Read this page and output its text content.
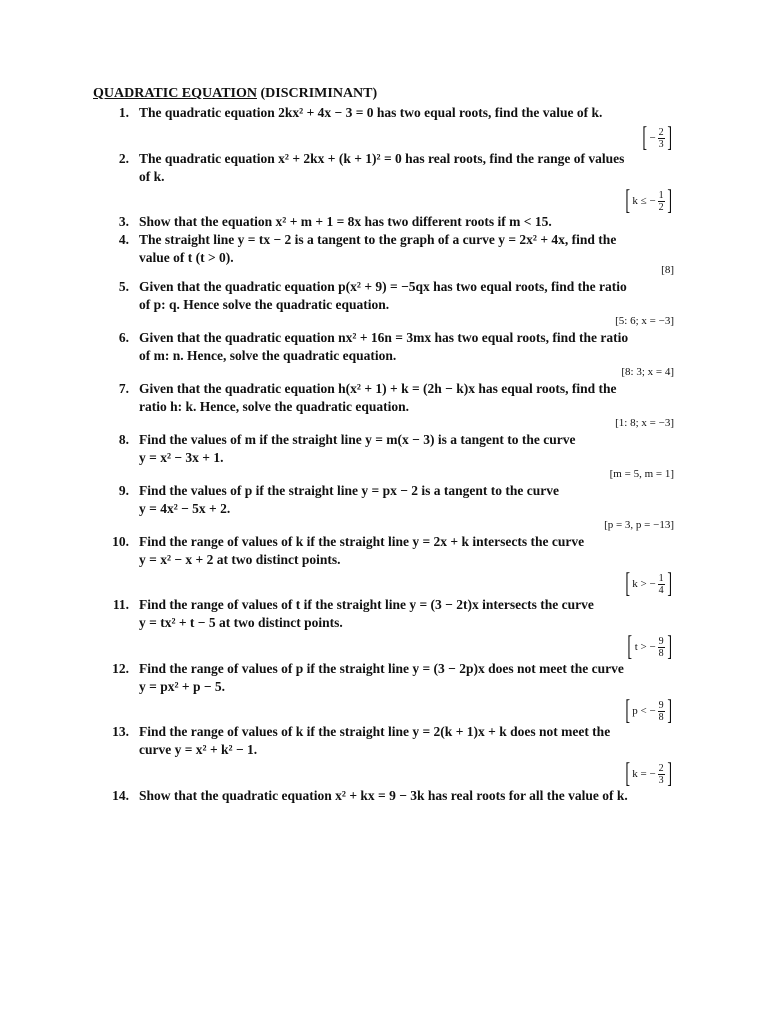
QUADRATIC EQUATION (DISCRIMINANT)
1. The quadratic equation 2kx² + 4x − 3 = 0 has two equal roots, find the value of k.
[ − $\frac{2}{3}$ ]
2. The quadratic equation x² + 2kx + (k + 1)² = 0 has real roots, find the range of values
of k.
[ k ≤ − $\frac{1}{2}$ ]
3. Show that the equation x² + m + 1 = 8x has two different roots if m < 15.
4. The straight line y = tx − 2 is a tangent to the graph of a curve y = 2x² + 4x, find the
value of t (t > 0).
[8]
5. Given that the quadratic equation p(x² + 9) = −5qx has two equal roots, find the ratio
of p: q. Hence solve the quadratic equation.
[5: 6; x = −3]
6. Given that the quadratic equation nx² + 16n = 3mx has two equal roots, find the ratio
of m: n. Hence, solve the quadratic equation.
[8: 3; x = 4]
7. Given that the quadratic equation h(x² + 1) + k = (2h − k)x has equal roots, find the
ratio h: k. Hence, solve the quadratic equation.
[1: 8; x = −3]
8. Find the values of m if the straight line y = m(x − 3) is a tangent to the curve
y = x² − 3x + 1.
[m = 5, m = 1]
9. Find the values of p if the straight line y = px − 2 is a tangent to the curve
y = 4x² − 5x + 2.
[p = 3, p = −13]
10. Find the range of values of k if the straight line y = 2x + k intersects the curve
y = x² − x + 2 at two distinct points.
[ k > − $\frac{1}{4}$ ]
11. Find the range of values of t if the straight line y = (3 − 2t)x intersects the curve
y = tx² + t − 5 at two distinct points.
[ t > − $\frac{9}{8}$ ]
12. Find the range of values of p if the straight line y = (3 − 2p)x does not meet the curve
y = px² + p − 5.
[ p < − $\frac{9}{8}$ ]
13. Find the range of values of k if the straight line y = 2(k + 1)x + k does not meet the
curve y = x² + k² − 1.
[ k = − $\frac{2}{3}$ ]
14. Show that the quadratic equation x² + kx = 9 − 3k has real roots for all the value of k.
